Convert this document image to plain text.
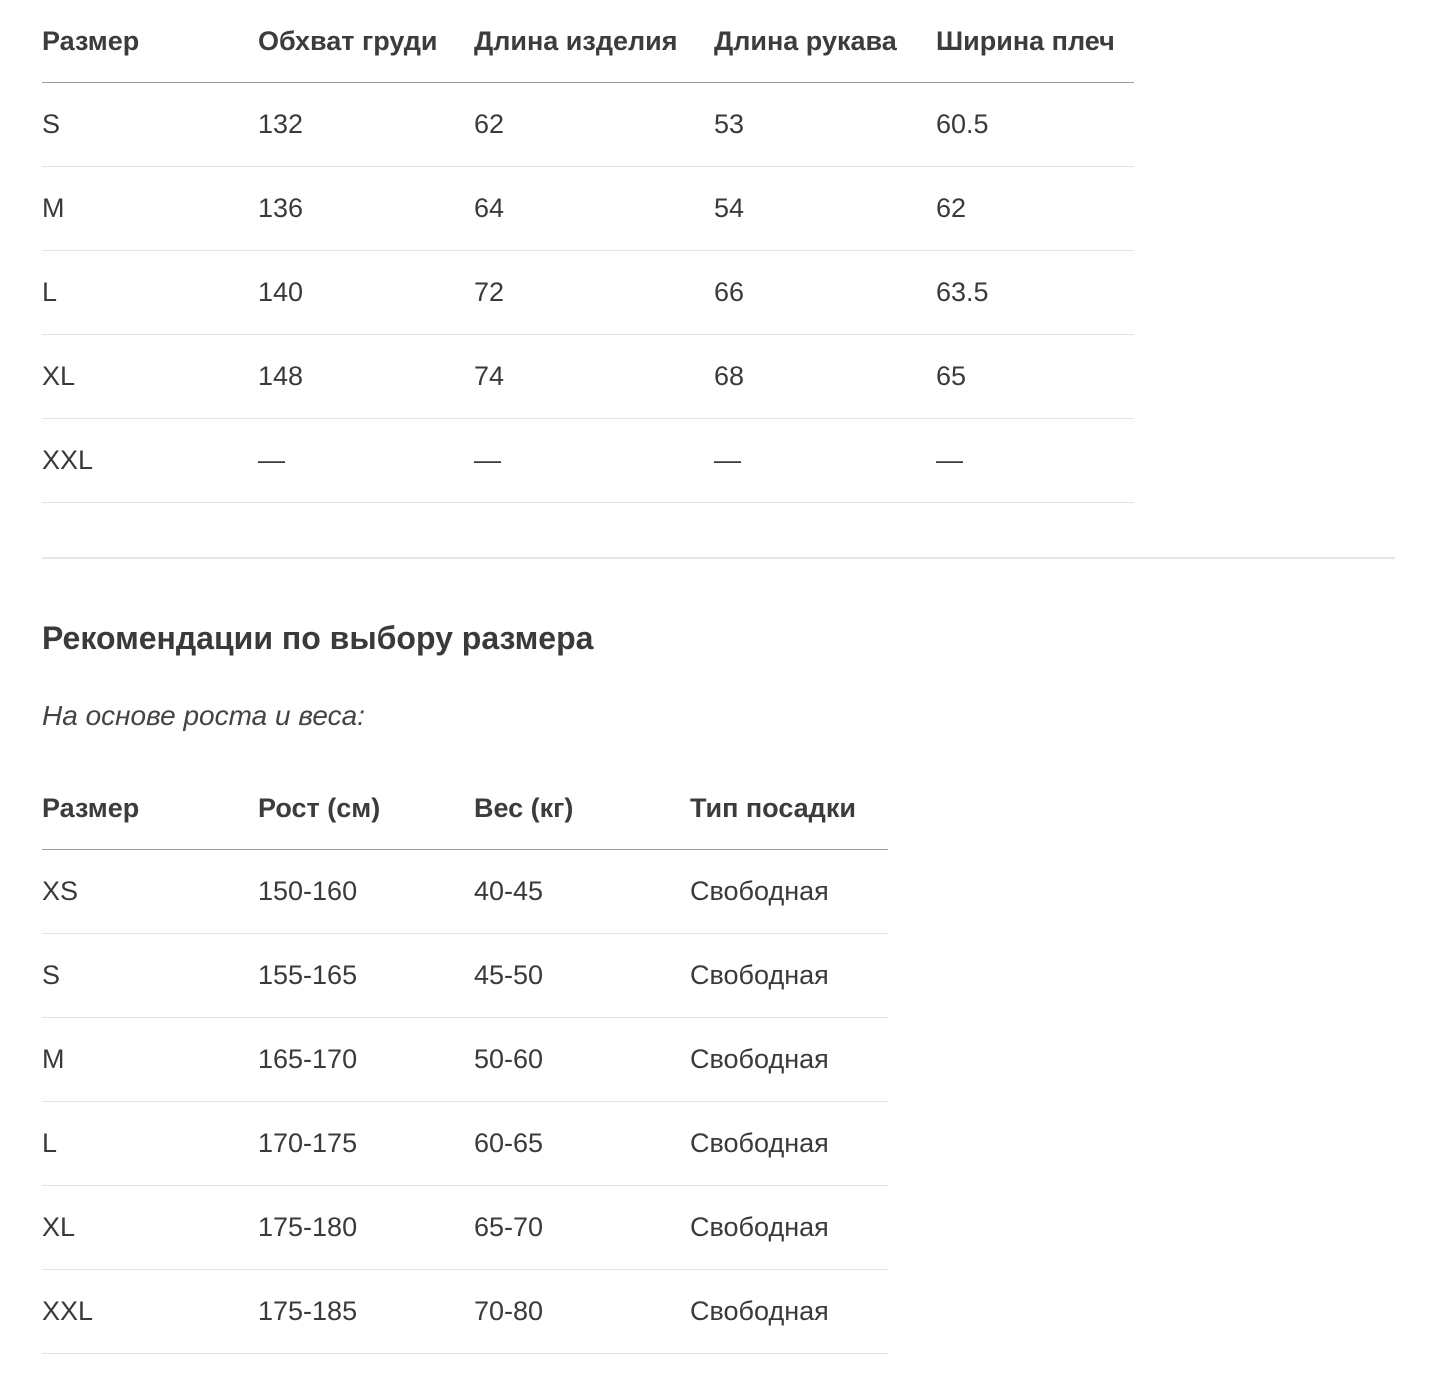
Размер	Обхват груди	Длина изделия	Длина рукава	Ширина плеч
S	132	62	53	60.5
M	136	64	54	62
L	140	72	66	63.5
XL	148	74	68	65
XXL	—	—	—	—
Рекомендации по выбору размера

На основе роста и веса:

Размер	Рост (см)	Вес (кг)	Тип посадки
XS	150-160	40-45	Свободная
S	155-165	45-50	Свободная
M	165-170	50-60	Свободная
L	170-175	60-65	Свободная
XL	175-180	65-70	Свободная
XXL	175-185	70-80	Свободная
